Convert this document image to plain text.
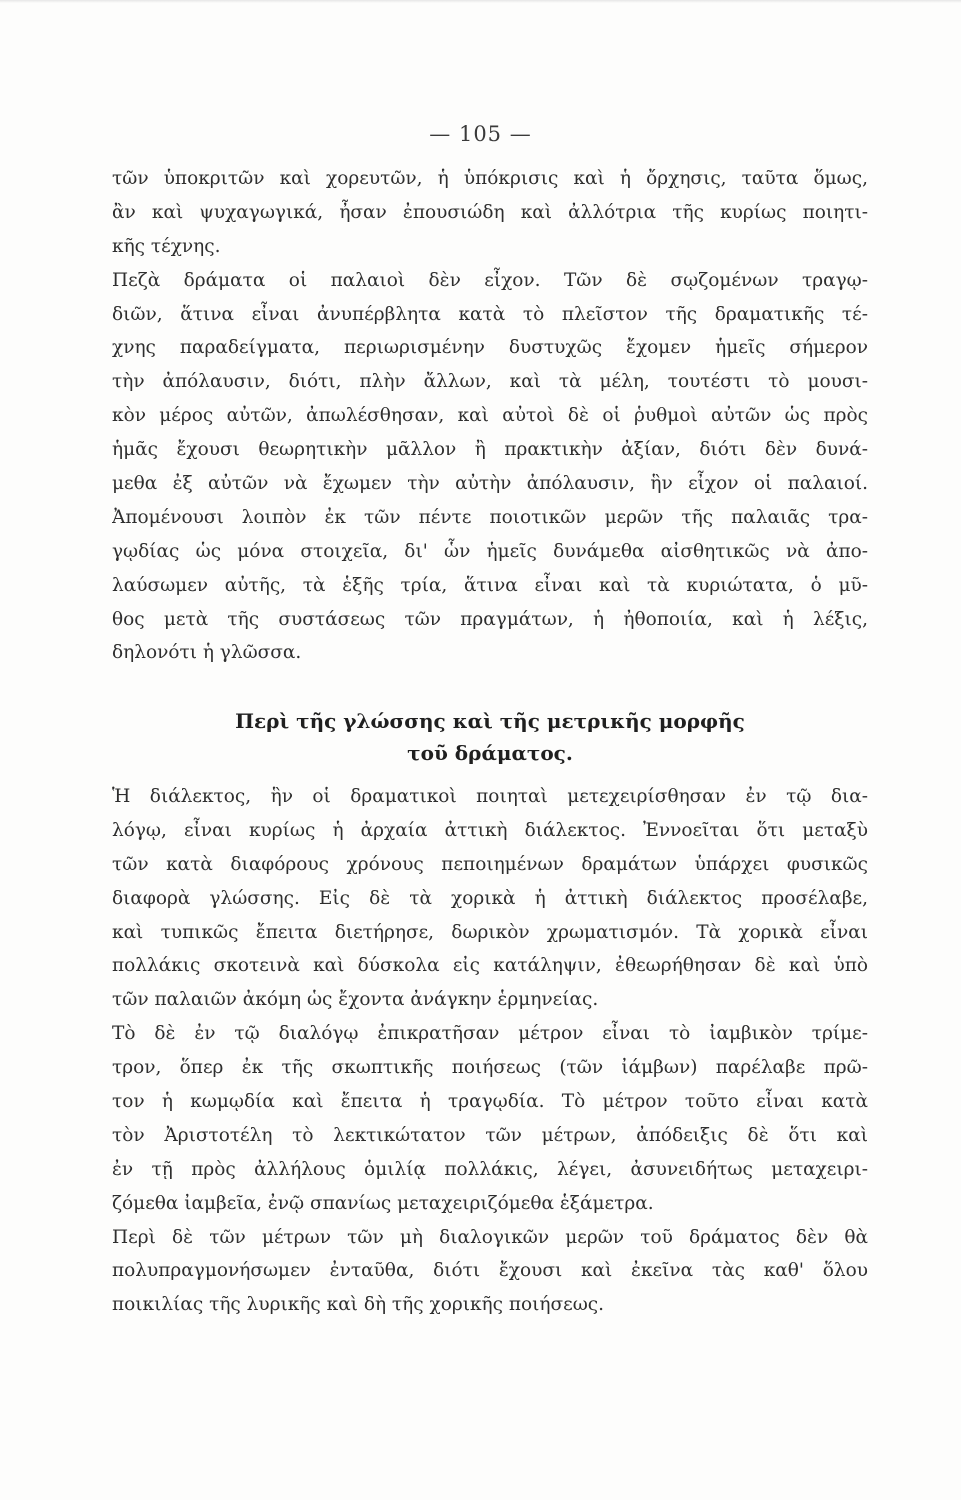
— 105 —
τῶν ὑποκριτῶν καὶ χορευτῶν, ἡ ὑπόκρισις καὶ ἡ ὄρχησις, ταῦτα ὅμως,
ἂν καὶ ψυχαγωγικά, ἦσαν ἐπουσιώδη καὶ ἀλλότρια τῆς κυρίως ποιητι-
κῆς τέχνης.
Πεζὰ δράματα οἱ παλαιοὶ δὲν εἶχον. Τῶν δὲ σῳζομένων τραγῳ-
διῶν, ἅτινα εἶναι ἀνυπέρβλητα κατὰ τὸ πλεῖστον τῆς δραματικῆς τέ-
χνης παραδείγματα, περιωρισμένην δυστυχῶς ἔχομεν ἡμεῖς σήμερον
τὴν ἀπόλαυσιν, διότι, πλὴν ἄλλων, καὶ τὰ μέλη, τουτέστι τὸ μουσι-
κὸν μέρος αὐτῶν, ἀπωλέσθησαν, καὶ αὐτοὶ δὲ οἱ ῥυθμοὶ αὐτῶν ὡς πρὸς
ἡμᾶς ἔχουσι θεωρητικὴν μᾶλλον ἢ πρακτικὴν ἀξίαν, διότι δὲν δυνά-
μεθα ἐξ αὐτῶν νὰ ἔχωμεν τὴν αὐτὴν ἀπόλαυσιν, ἣν εἶχον οἱ παλαιοί.
Ἀπομένουσι λοιπὸν ἐκ τῶν πέντε ποιοτικῶν μερῶν τῆς παλαιᾶς τρα-
γῳδίας ὡς μόνα στοιχεῖα, δι' ὧν ἡμεῖς δυνάμεθα αἰσθητικῶς νὰ ἀπο-
λαύσωμεν αὐτῆς, τὰ ἑξῆς τρία, ἅτινα εἶναι καὶ τὰ κυριώτατα, ὁ μῦ-
θος μετὰ τῆς συστάσεως τῶν πραγμάτων, ἡ ἠθοποιία, καὶ ἡ λέξις,
δηλονότι ἡ γλῶσσα.
Περὶ τῆς γλώσσης καὶ τῆς μετρικῆς μορφῆς
τοῦ δράματος.
Ἡ διάλεκτος, ἣν οἱ δραματικοὶ ποιηταὶ μετεχειρίσθησαν ἐν τῷ δια-
λόγῳ, εἶναι κυρίως ἡ ἀρχαία ἀττικὴ διάλεκτος. Ἐννοεῖται ὅτι μεταξὺ
τῶν κατὰ διαφόρους χρόνους πεποιημένων δραμάτων ὑπάρχει φυσικῶς
διαφορὰ γλώσσης. Εἰς δὲ τὰ χορικὰ ἡ ἀττικὴ διάλεκτος προσέλαβε,
καὶ τυπικῶς ἔπειτα διετήρησε, δωρικὸν χρωματισμόν. Τὰ χορικὰ εἶναι
πολλάκις σκοτεινὰ καὶ δύσκολα εἰς κατάληψιν, ἐθεωρήθησαν δὲ καὶ ὑπὸ
τῶν παλαιῶν ἀκόμη ὡς ἔχοντα ἀνάγκην ἑρμηνείας.
Τὸ δὲ ἐν τῷ διαλόγῳ ἐπικρατῆσαν μέτρον εἶναι τὸ ἰαμβικὸν τρίμε-
τρον, ὅπερ ἐκ τῆς σκωπτικῆς ποιήσεως (τῶν ἰάμβων) παρέλαβε πρῶ-
τον ἡ κωμῳδία καὶ ἔπειτα ἡ τραγῳδία. Τὸ μέτρον τοῦτο εἶναι κατὰ
τὸν Ἀριστοτέλη τὸ λεκτικώτατον τῶν μέτρων, ἀπόδειξις δὲ ὅτι καὶ
ἐν τῇ πρὸς ἀλλήλους ὁμιλίᾳ πολλάκις, λέγει, ἀσυνειδήτως μεταχειρι-
ζόμεθα ἰαμβεῖα, ἐνῷ σπανίως μεταχειριζόμεθα ἑξάμετρα.
Περὶ δὲ τῶν μέτρων τῶν μὴ διαλογικῶν μερῶν τοῦ δράματος δὲν θὰ
πολυπραγμονήσωμεν ἐνταῦθα, διότι ἔχουσι καὶ ἐκεῖνα τὰς καθ' ὅλου
ποικιλίας τῆς λυρικῆς καὶ δὴ τῆς χορικῆς ποιήσεως.
